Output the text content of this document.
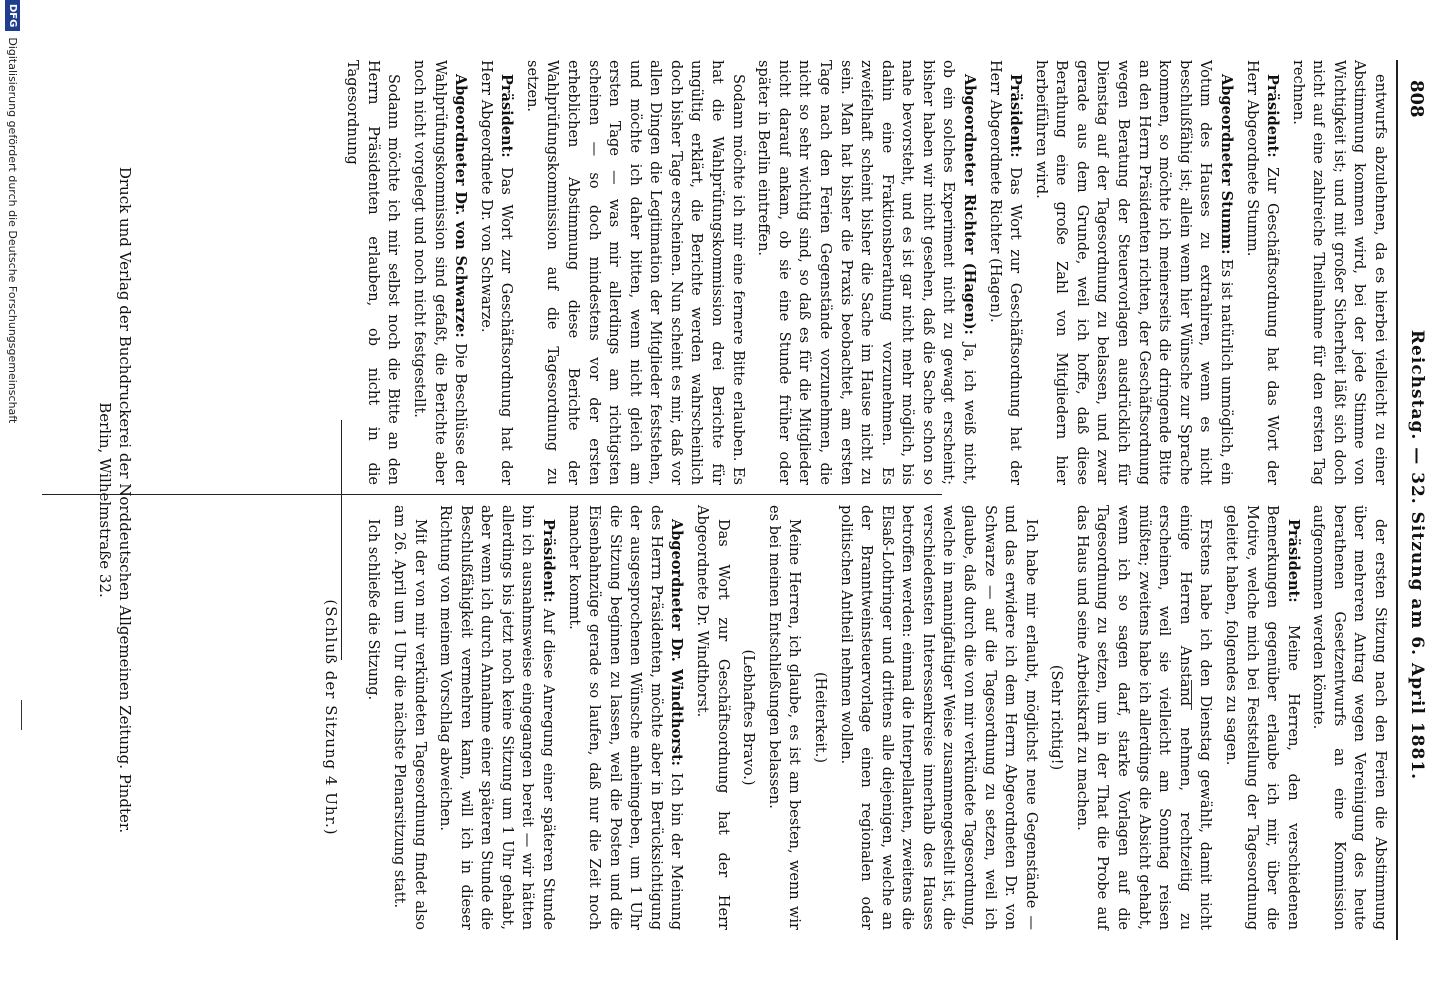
808
Reichstag. — 32. Sitzung am 6. April 1881.

entwurfs abzulehnen, da es hierbei vielleicht zu einer Abstimmung kommen wird, bei der jede Stimme von Wichtigkeit ist; und mit großer Sicherheit läßt sich doch nicht auf eine zahlreiche Theilnahme für den ersten Tag rechnen.

Präsident: Zur Geschäftsordnung hat das Wort der Herr Abgeordnete Stumm.

Abgeordneter Stumm: Es ist natürlich unmöglich, ein Votum des Hauses zu extrahiren, wenn es nicht beschlußfähig ist; allein wenn hier Wünsche zur Sprache kommen, so möchte ich meinerseits die dringende Bitte an den Herrn Präsidenten richten, der Geschäftsordnung wegen Beratung der Steuervorlagen ausdrücklich für Dienstag auf der Tagesordnung zu belassen, und zwar gerade aus dem Grunde, weil ich hoffe, daß diese Berathung eine große Zahl von Mitgliedern hier herbeiführen wird.

Präsident: Das Wort zur Geschäftsordnung hat der Herr Abgeordnete Richter (Hagen).

Abgeordneter Richter (Hagen): Ja, ich weiß nicht, ob ein solches Experiment nicht zu gewagt erscheint; bisher haben wir nicht gesehen, daß die Sache schon so nahe bevorsteht, und es ist gar nicht mehr möglich, bis dahin eine Fraktionsberathung vorzunehmen. Es zweifelhaft scheint bisher die Sache im Hause nicht zu sein. Man hat bisher die Praxis beobachtet, am ersten Tage nach den Ferien Gegenstände vorzunehmen, die nicht so sehr wichtig sind, so daß es für die Mitglieder nicht darauf ankam, ob sie eine Stunde früher oder später in Berlin eintreffen.

Sodann möchte ich mir eine fernere Bitte erlauben. Es hat die Wahlprüfungskommission drei Berichte für ungültig erklärt, die Berichte werden wahrscheinlich doch bisher Tage erscheinen. Nun scheint es mir, daß vor allen Dingen die Legitimation der Mitglieder feststehen, und möchte ich daher bitten, wenn nicht gleich am ersten Tage — was mir allerdings am richtigsten scheinen — so doch mindestens vor der ersten erheblichen Abstimmung diese Berichte der Wahlprüfungskommission auf die Tagesordnung zu setzen.

Präsident: Das Wort zur Geschäftsordnung hat der Herr Abgeordnete Dr. von Schwarze.

Abgeordneter Dr. von Schwarze: Die Beschlüsse der Wahlprüfungskommission sind gefaßt, die Berichte aber noch nicht vorgelegt und noch nicht festgestellt.

Sodann möchte ich mir selbst noch die Bitte an den Herrn Präsidenten erlauben, ob nicht in die Tagesordnung

der ersten Sitzung nach den Ferien die Abstimmung über mehreren Antrag wegen Vereinigung des heute berathenen Gesetzentwurfs an eine Kommission aufgenommen werden könnte.

Präsident: Meine Herren, den verschiedenen Bemerkungen gegenüber erlaube ich mir, über die Motive, welche mich bei Feststellung der Tagesordnung geleitet haben, folgendes zu sagen.

Erstens habe ich den Dienstag gewählt, damit nicht einige Herren Anstand nehmen, rechtzeitig zu erscheinen, weil sie vielleicht am Sonntag reisen müßten; zweitens habe ich allerdings die Absicht gehabt, wenn ich so sagen darf, starke Vorlagen auf die Tagesordnung zu setzen, um in der That die Probe auf das Haus und seine Arbeitskraft zu machen.

(Sehr richtig!)

Ich habe mir erlaubt, möglichst neue Gegenstände — und das erwidere ich dem Herrn Abgeordneten Dr. von Schwarze — auf die Tagesordnung zu setzen, weil ich glaube, daß durch die von mir verkündete Tagesordnung, welche in mannigfaltiger Weise zusammengestellt ist, die verschiedensten Interessenkreise innerhalb des Hauses betroffen werden: einmal die Interpellanten, zweitens die Elsaß-Lothringer und drittens alle diejenigen, welche an der Branntweinsteuervorlage einen regionalen oder politischen Antheil nehmen wollen.

(Heiterkeit.)

Meine Herren, ich glaube, es ist am besten, wenn wir es bei meinen Entschließungen belassen.

(Lebhaftes Bravo.)

Das Wort zur Geschäftsordnung hat der Herr Abgeordnete Dr. Windthorst.

Abgeordneter Dr. Windthorst: Ich bin der Meinung des Herrn Präsidenten, möchte aber in Berücksichtigung der ausgesprochenen Wünsche anheimgeben, um 1 Uhr die Sitzung beginnen zu lassen, weil die Posten und die Eisenbahnzüge gerade so laufen, daß nur die Zeit noch mancher kommt.

Präsident: Auf diese Anregung einer späteren Stunde bin ich ausnahmsweise eingegangen bereit — wir hätten allerdings bis jetzt noch keine Sitzung um 1 Uhr gehabt, aber wenn ich durch Annahme einer späteren Stunde die Beschlußfähigkeit vermehren kann, will ich in dieser Richtung von meinem Vorschlag abweichen.

Mit der von mir verkündeten Tagesordnung findet also am 26. April um 1 Uhr die nächste Plenarsitzung statt.

Ich schließe die Sitzung.

(Schluß der Sitzung 4 Uhr.)
Druck und Verlag der Buchdruckerei der Norddeutschen Allgemeinen Zeitung. Pindter.
Berlin, Wilhelmstraße 32.
DFG
Digitalisierung gefördert durch die Deutsche Forschungsgemeinschaft
